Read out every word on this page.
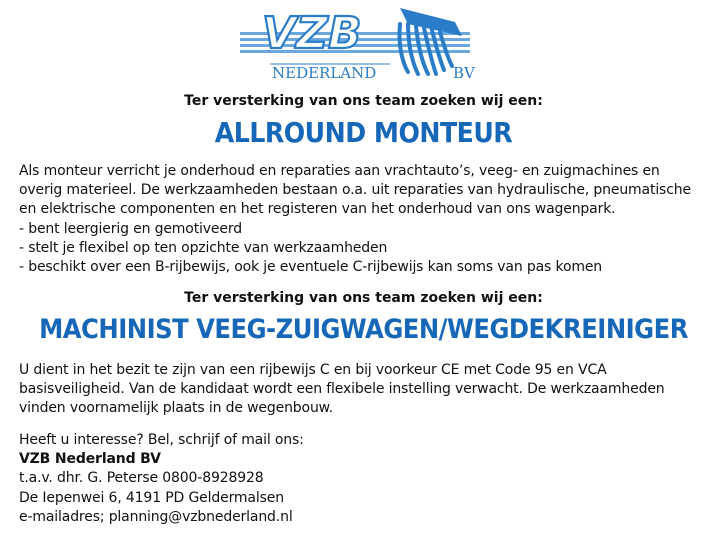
VZB
NEDERLAND	BV
Ter versterking van ons team zoeken wij een:
ALLROUND MONTEUR
Als monteur verricht je onderhoud en reparaties aan vrachtauto’s, veeg- en zuigmachines en
overig materieel. De werkzaamheden bestaan o.a. uit reparaties van hydraulische, pneumatische
en elektrische componenten en het registeren van het onderhoud van ons wagenpark.
- bent leergierig en gemotiveerd
- stelt je flexibel op ten opzichte van werkzaamheden
- beschikt over een B-rijbewijs, ook je eventuele C-rijbewijs kan soms van pas komen
Ter versterking van ons team zoeken wij een:
MACHINIST VEEG-ZUIGWAGEN/WEGDEKREINIGER
U dient in het bezit te zijn van een rijbewijs C en bij voorkeur CE met Code 95 en VCA
basisveiligheid. Van de kandidaat wordt een flexibele instelling verwacht. De werkzaamheden
vinden voornamelijk plaats in de wegenbouw.
Heeft u interesse? Bel, schrijf of mail ons:
VZB Nederland BV
t.a.v. dhr. G. Peterse 0800-8928928
De Iepenwei 6, 4191 PD Geldermalsen
e-mailadres; planning@vzbnederland.nl
